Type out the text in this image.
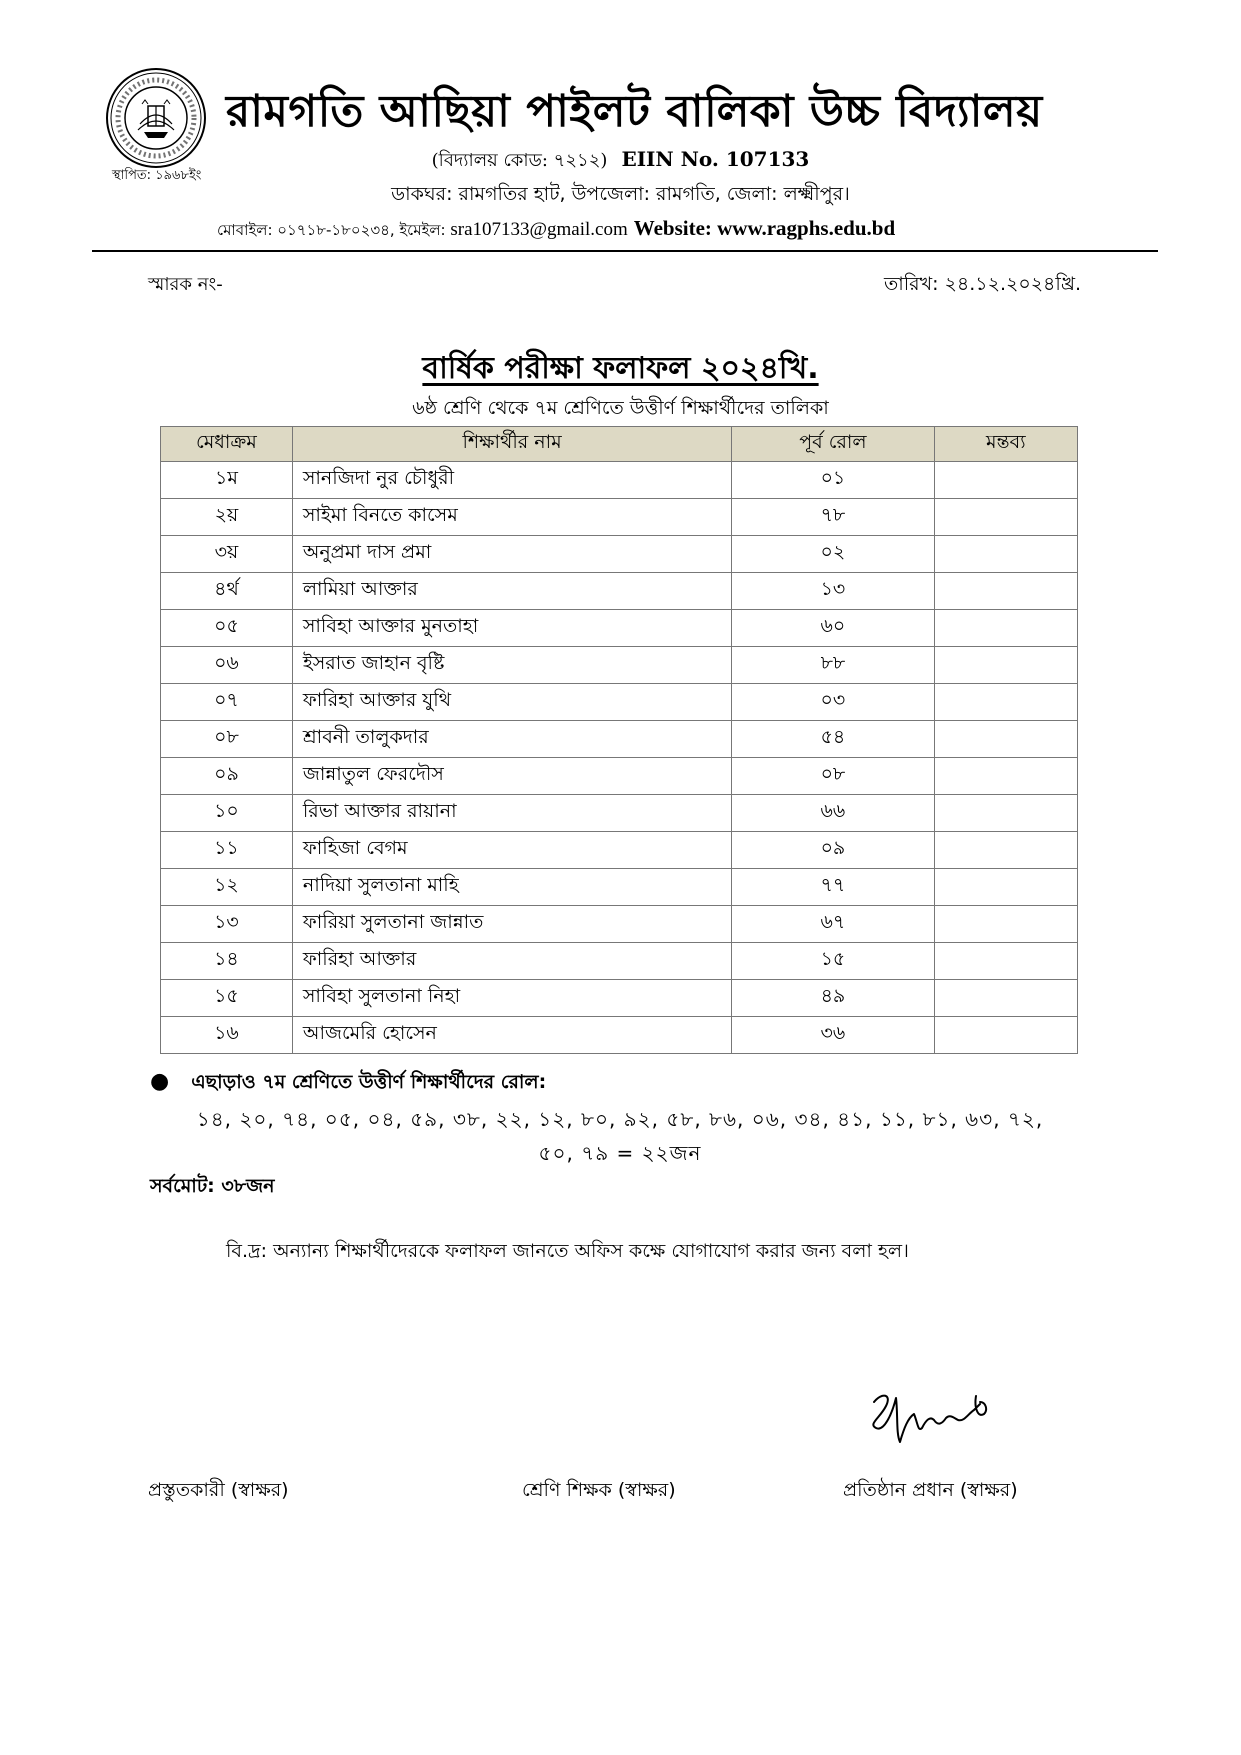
স্থাপিত: ১৯৬৮ইং
রামগতি আছিয়া পাইলট বালিকা উচ্চ বিদ্যালয়
(বিদ্যালয় কোড: ৭২১২) EIIN No. 107133
ডাকঘর: রামগতির হাট, উপজেলা: রামগতি, জেলা: লক্ষ্মীপুর।
মোবাইল: ০১৭১৮-১৮০২৩৪, ইমেইল: sra107133@gmail.com Website: www.ragphs.edu.bd
স্মারক নং-	তারিখ: ২৪.১২.২০২৪খ্রি.
বার্ষিক পরীক্ষা ফলাফল ২০২৪খি.
৬ষ্ঠ শ্রেণি থেকে ৭ম শ্রেণিতে উত্তীর্ণ শিক্ষার্থীদের তালিকা
মেধাক্রম	শিক্ষার্থীর নাম	পূর্ব রোল	মন্তব্য
১ম	সানজিদা নুর চৌধুরী	০১	
২য়	সাইমা বিনতে কাসেম	৭৮	
৩য়	অনুপ্রমা দাস প্রমা	০২	
৪র্থ	লামিয়া আক্তার	১৩	
০৫	সাবিহা আক্তার মুনতাহা	৬০	
০৬	ইসরাত জাহান বৃষ্টি	৮৮	
০৭	ফারিহা আক্তার যুথি	০৩	
০৮	শ্রাবনী তালুকদার	৫৪	
০৯	জান্নাতুল ফেরদৌস	০৮	
১০	রিভা আক্তার রায়ানা	৬৬	
১১	ফাহিজা বেগম	০৯	
১২	নাদিয়া সুলতানা মাহি	৭৭	
১৩	ফারিয়া সুলতানা জান্নাত	৬৭	
১৪	ফারিহা আক্তার	১৫	
১৫	সাবিহা সুলতানা নিহা	৪৯	
১৬	আজমেরি হোসেন	৩৬	
● এছাড়াও ৭ম শ্রেণিতে উত্তীর্ণ শিক্ষার্থীদের রোল:
১৪, ২০, ৭৪, ০৫, ০৪, ৫৯, ৩৮, ২২, ১২, ৮০, ৯২, ৫৮, ৮৬, ০৬, ৩৪, ৪১, ১১, ৮১, ৬৩, ৭২,
৫০, ৭৯ = ২২জন
সর্বমোট: ৩৮জন
বি.দ্র: অন্যান্য শিক্ষার্থীদেরকে ফলাফল জানতে অফিস কক্ষে যোগাযোগ করার জন্য বলা হল।
প্রস্তুতকারী (স্বাক্ষর)	শ্রেণি শিক্ষক (স্বাক্ষর)	প্রতিষ্ঠান প্রধান (স্বাক্ষর)
